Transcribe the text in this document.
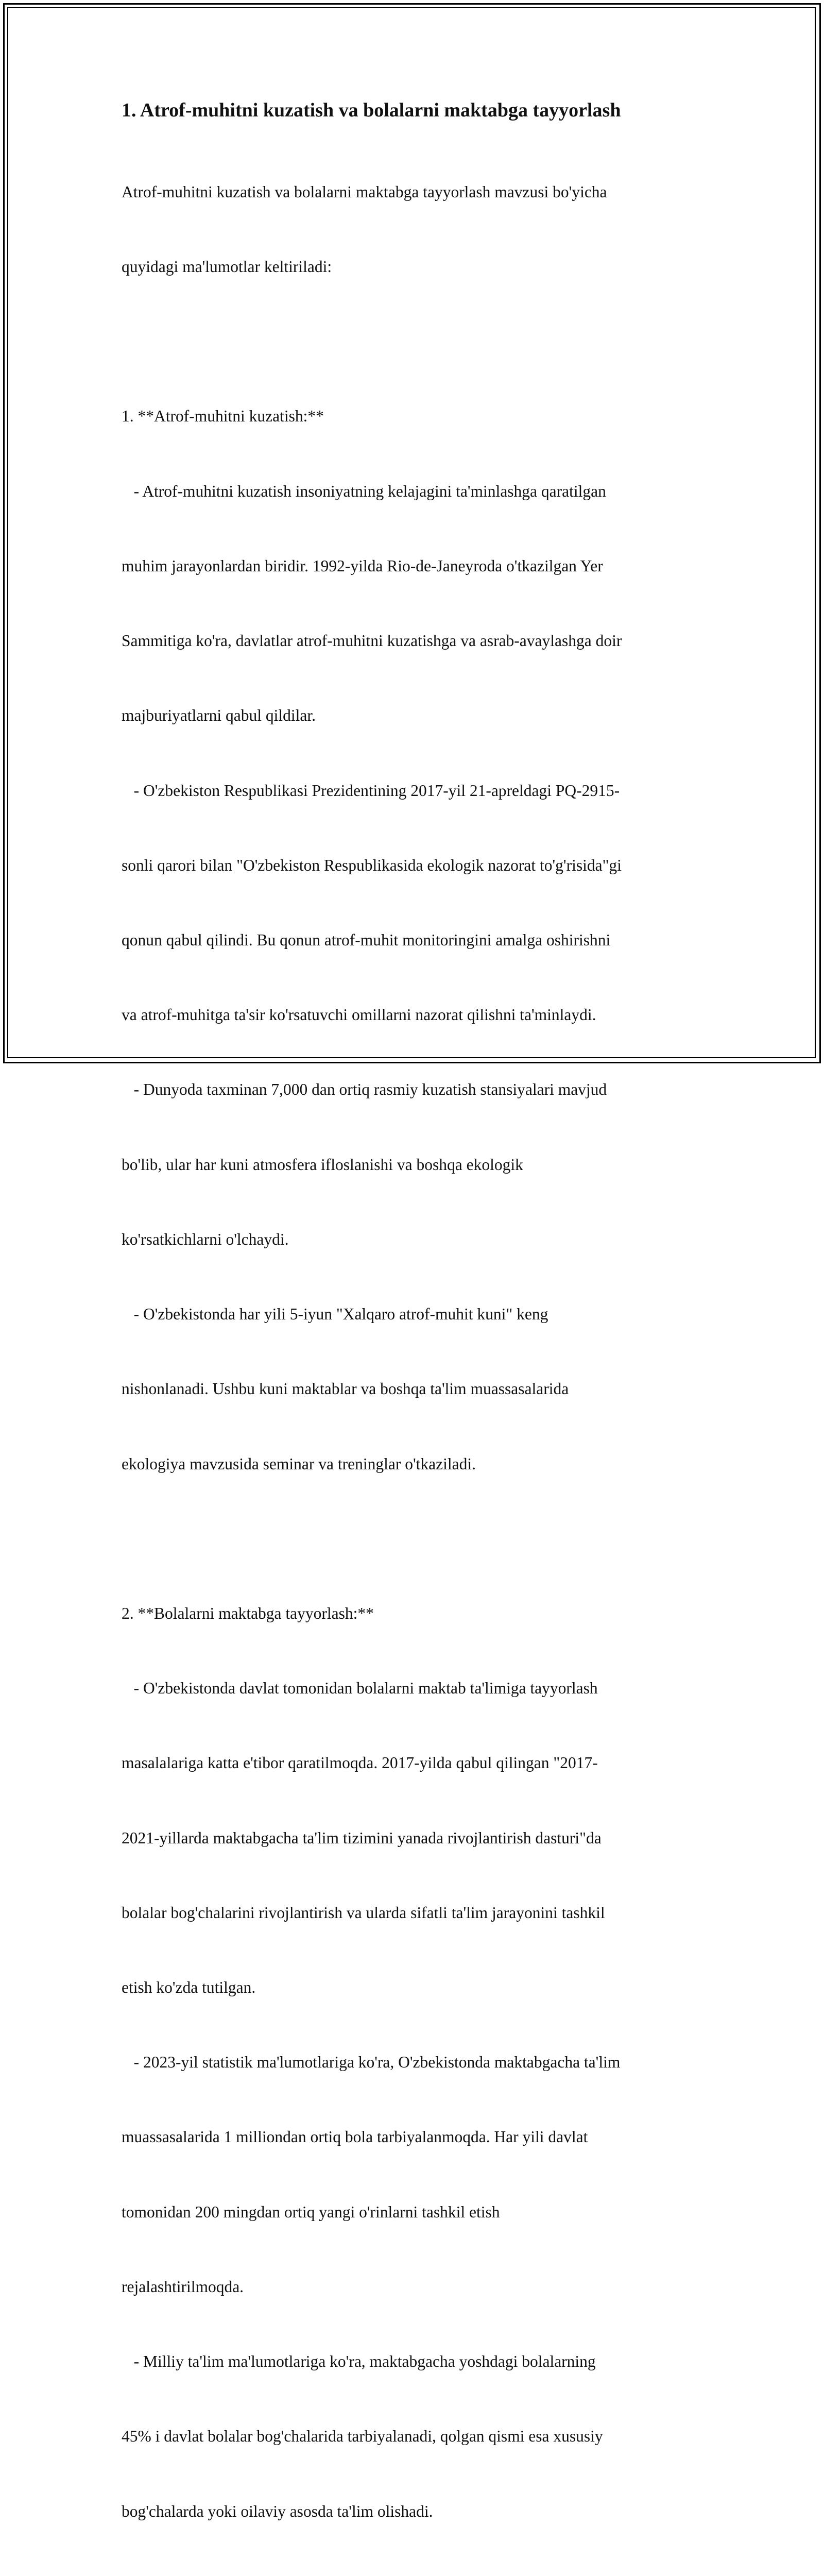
1. Atrof-muhitni kuzatish va bolalarni maktabga tayyorlash

Atrof-muhitni kuzatish va bolalarni maktabga tayyorlash mavzusi bo'yicha

quyidagi ma'lumotlar keltiriladi:

1. **Atrof-muhitni kuzatish:**

- Atrof-muhitni kuzatish insoniyatning kelajagini ta'minlashga qaratilgan

muhim jarayonlardan biridir. 1992-yilda Rio-de-Janeyroda o'tkazilgan Yer

Sammitiga ko'ra, davlatlar atrof-muhitni kuzatishga va asrab-avaylashga doir

majburiyatlarni qabul qildilar.

- O'zbekiston Respublikasi Prezidentining 2017-yil 21-apreldagi PQ-2915-

sonli qarori bilan "O'zbekiston Respublikasida ekologik nazorat to'g'risida"gi

qonun qabul qilindi. Bu qonun atrof-muhit monitoringini amalga oshirishni

va atrof-muhitga ta'sir ko'rsatuvchi omillarni nazorat qilishni ta'minlaydi.

- Dunyoda taxminan 7,000 dan ortiq rasmiy kuzatish stansiyalari mavjud

bo'lib, ular har kuni atmosfera ifloslanishi va boshqa ekologik

ko'rsatkichlarni o'lchaydi.

- O'zbekistonda har yili 5-iyun "Xalqaro atrof-muhit kuni" keng

nishonlanadi. Ushbu kuni maktablar va boshqa ta'lim muassasalarida

ekologiya mavzusida seminar va treninglar o'tkaziladi.

2. **Bolalarni maktabga tayyorlash:**

- O'zbekistonda davlat tomonidan bolalarni maktab ta'limiga tayyorlash

masalalariga katta e'tibor qaratilmoqda. 2017-yilda qabul qilingan "2017-

2021-yillarda maktabgacha ta'lim tizimini yanada rivojlantirish dasturi"da

bolalar bog'chalarini rivojlantirish va ularda sifatli ta'lim jarayonini tashkil

etish ko'zda tutilgan.

- 2023-yil statistik ma'lumotlariga ko'ra, O'zbekistonda maktabgacha ta'lim

muassasalarida 1 milliondan ortiq bola tarbiyalanmoqda. Har yili davlat

tomonidan 200 mingdan ortiq yangi o'rinlarni tashkil etish

rejalashtirilmoqda.

- Milliy ta'lim ma'lumotlariga ko'ra, maktabgacha yoshdagi bolalarning

45% i davlat bolalar bog'chalarida tarbiyalanadi, qolgan qismi esa xususiy

bog'chalarda yoki oilaviy asosda ta'lim olishadi.
